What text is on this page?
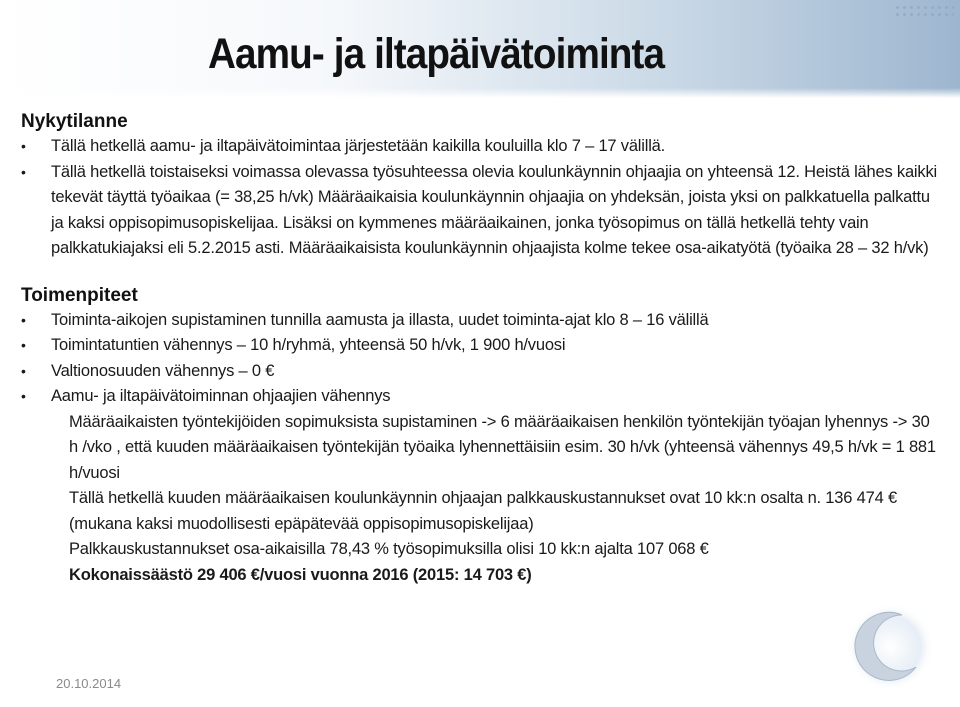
Aamu- ja iltapäivätoiminta
Nykytilanne
• Tällä hetkellä aamu- ja iltapäivätoimintaa järjestetään kaikilla kouluilla klo 7 – 17 välillä.
• Tällä hetkellä toistaiseksi voimassa olevassa työsuhteessa olevia koulunkäynnin ohjaajia on yhteensä 12. Heistä lähes kaikki tekevät täyttä työaikaa (= 38,25 h/vk) Määräaikaisia koulunkäynnin ohjaajia on yhdeksän, joista yksi on palkkatuella palkattu ja kaksi oppisopimusopiskelijaa. Lisäksi on kymmenes määräaikainen, jonka työsopimus on tällä hetkellä tehty vain palkkatukiajaksi eli 5.2.2015 asti. Määräaikaisista koulunkäynnin ohjaajista kolme tekee osa-aikatyötä (työaika 28 – 32 h/vk)
Toimenpiteet
• Toiminta-aikojen supistaminen tunnilla aamusta ja illasta, uudet toiminta-ajat klo 8 – 16 välillä
• Toimintatuntien vähennys – 10 h/ryhmä, yhteensä 50 h/vk, 1 900 h/vuosi
• Valtionosuuden vähennys – 0 €
• Aamu- ja iltapäivätoiminnan ohjaajien vähennys

Määräaikaisten työntekijöiden sopimuksista supistaminen -> 6 määräaikaisen henkilön työntekijän työajan lyhennys -> 30 h /vko , että kuuden määräaikaisen työntekijän työaika lyhennettäisiin esim. 30 h/vk (yhteensä vähennys 49,5 h/vk = 1 881 h/vuosi

Tällä hetkellä kuuden määräaikaisen koulunkäynnin ohjaajan palkkauskustannukset ovat 10 kk:n osalta n. 136 474 € (mukana kaksi muodollisesti epäpätevää oppisopimusopiskelijaa)

Palkkauskustannukset osa-aikaisilla 78,43 % työsopimuksilla olisi 10 kk:n ajalta 107 068 €

Kokonaissäästö 29 406 €/vuosi vuonna 2016 (2015: 14 703 €)

20.10.2014
